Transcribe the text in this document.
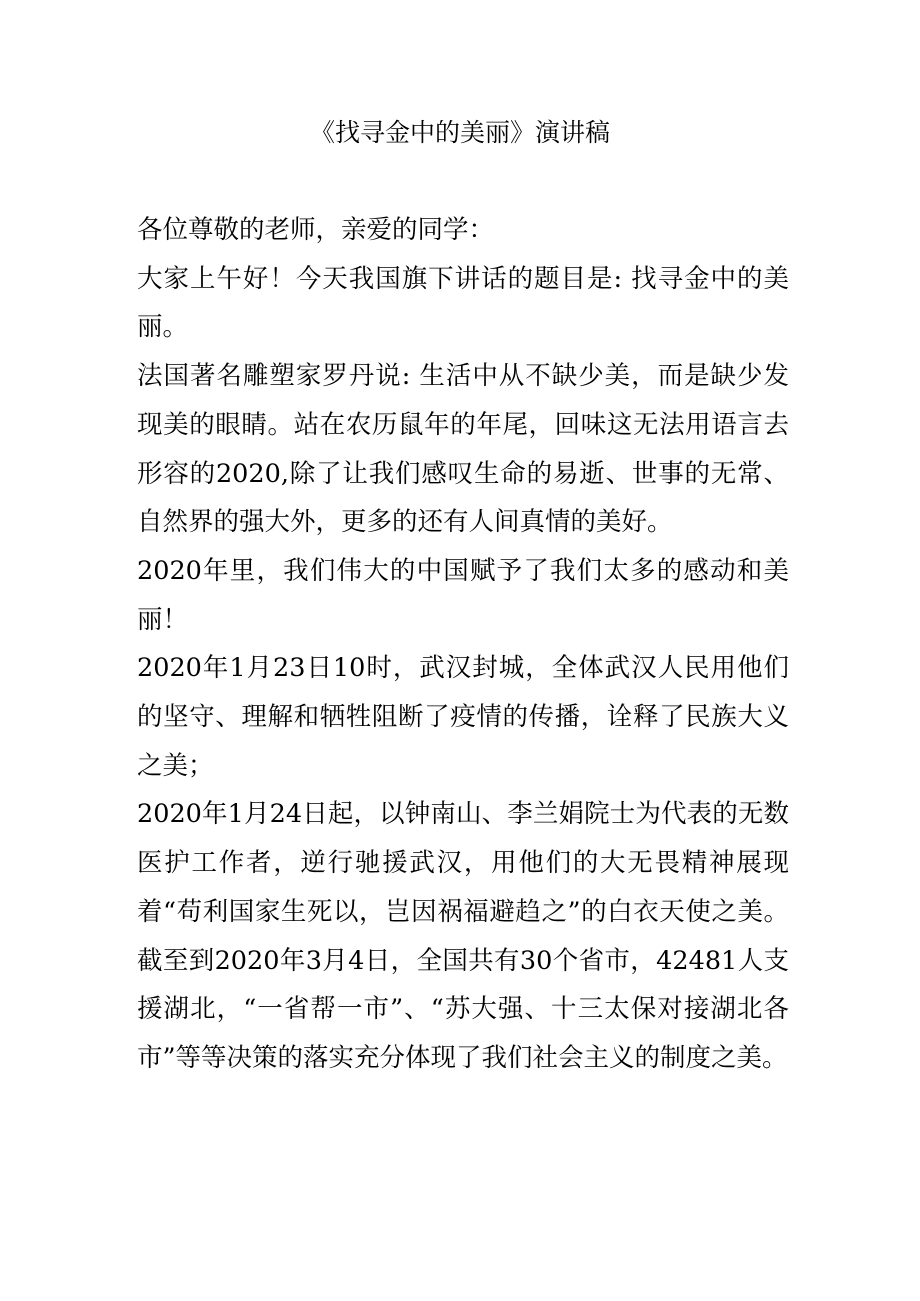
《找寻金中的美丽》演讲稿

各位尊敬的老师，亲爱的同学：

大家上午好！今天我国旗下讲话的题目是: 找寻金中的美丽。

法国著名雕塑家罗丹说: 生活中从不缺少美，而是缺少发现美的眼睛。站在农历鼠年的年尾，回味这无法用语言去形容的2020,除了让我们感叹生命的易逝、世事的无常、自然界的强大外，更多的还有人间真情的美好。

2020年里，我们伟大的中国赋予了我们太多的感动和美丽！

2020年1月23日10时，武汉封城，全体武汉人民用他们的坚守、理解和牺牲阻断了疫情的传播，诠释了民族大义之美；

2020年1月24日起，以钟南山、李兰娟院士为代表的无数医护工作者，逆行驰援武汉，用他们的大无畏精神展现着“苟利国家生死以，岂因祸福避趋之”的白衣天使之美。截至到2020年3月4日，全国共有30个省市，42481人支援湖北，“一省帮一市”、“苏大强、十三太保对接湖北各市”等等决策的落实充分体现了我们社会主义的制度之美。
